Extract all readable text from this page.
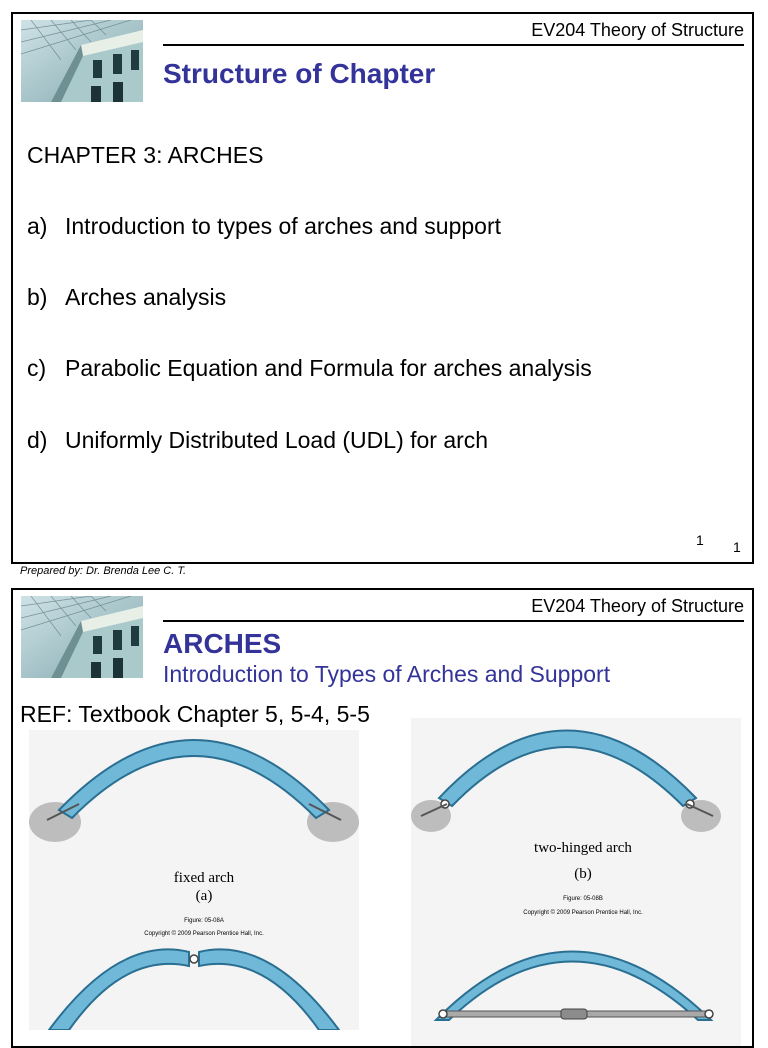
EV204 Theory of Structure
Structure of Chapter
CHAPTER 3: ARCHES
a) Introduction to types of arches and support
b) Arches analysis
c) Parabolic Equation and Formula for arches analysis
d) Uniformly Distributed Load (UDL) for arch
1 1
Prepared by: Dr. Brenda Lee C. T.
EV204 Theory of Structure
ARCHES
Introduction to Types of Arches and Support
REF: Textbook Chapter 5, 5-4, 5-5
fixed arch
(a)
Figure: 05-08A
Copyright © 2009 Pearson Prentice Hall, Inc.
two-hinged arch
(b)
Figure: 05-08B
Copyright © 2009 Pearson Prentice Hall, Inc.
